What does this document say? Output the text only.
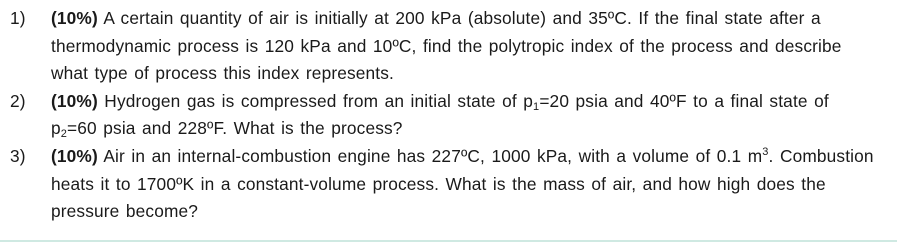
1) (10%) A certain quantity of air is initially at 200 kPa (absolute) and 35ºC. If the final state after a thermodynamic process is 120 kPa and 10ºC, find the polytropic index of the process and describe what type of process this index represents.
2) (10%) Hydrogen gas is compressed from an initial state of $p_1=20$ psia and 40ºF to a final state of $p_2=60$ psia and 228ºF. What is the process?
3) (10%) Air in an internal-combustion engine has 227ºC, 1000 kPa, with a volume of 0.1 $m^3$. Combustion heats it to 1700ºK in a constant-volume process. What is the mass of air, and how high does the pressure become?
